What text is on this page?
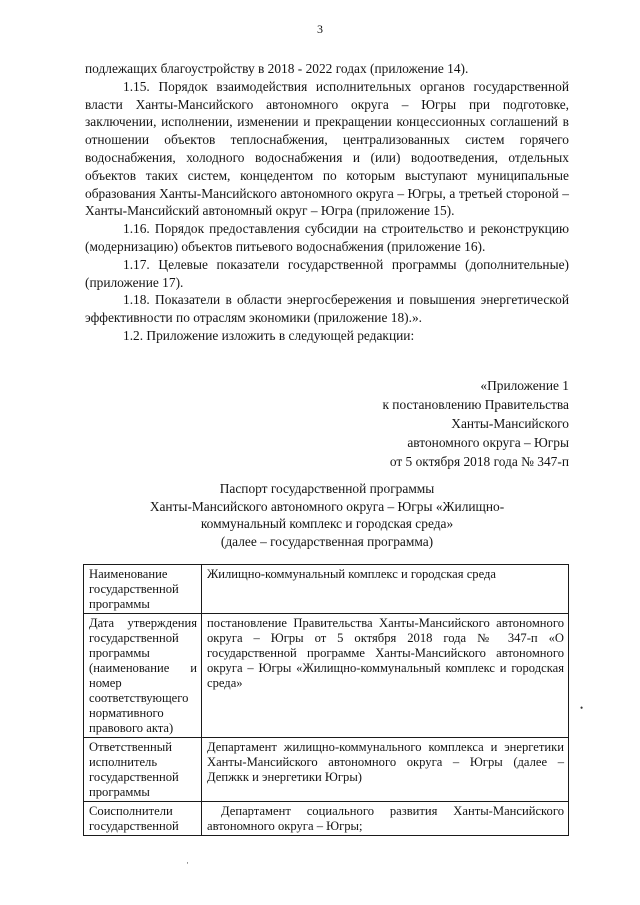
3

подлежащих благоустройству в 2018 - 2022 годах (приложение 14).

1.15. Порядок взаимодействия исполнительных органов государственной власти Ханты-Мансийского автономного округа – Югры при подготовке, заключении, исполнении, изменении и прекращении концессионных соглашений в отношении объектов теплоснабжения, централизованных систем горячего водоснабжения, холодного водоснабжения и (или) водоотведения, отдельных объектов таких систем, концедентом по которым выступают муниципальные образования Ханты-Мансийского автономного округа – Югры, а третьей стороной – Ханты-Мансийский автономный округ – Югра (приложение 15).

1.16. Порядок предоставления субсидии на строительство и реконструкцию (модернизацию) объектов питьевого водоснабжения (приложение 16).

1.17. Целевые показатели государственной программы (дополнительные) (приложение 17).

1.18. Показатели в области энергосбережения и повышения энергетической эффективности по отраслям экономики (приложение 18).».

1.2. Приложение изложить в следующей редакции:

«Приложение 1
к постановлению Правительства
Ханты-Мансийского
автономного округа – Югры
от 5 октября 2018 года № 347-п
Паспорт государственной программы
Ханты-Мансийского автономного округа – Югры «Жилищно-
коммунальный комплекс и городская среда»
(далее – государственная программа)
Наименование государственной программы	Жилищно-коммунальный комплекс и городская среда
Дата утверждения государственной программы (наименование и номер соответствующего нормативного правового акта)	постановление Правительства Ханты-Мансийского автономного округа – Югры от 5 октября 2018 года № 347-п «О государственной программе Ханты-Мансийского автономного округа – Югры «Жилищно-коммунальный комплекс и городская среда»
Ответственный исполнитель государственной программы	Департамент жилищно-коммунального комплекса и энергетики Ханты-Мансийского автономного округа – Югры (далее – Депжкк и энергетики Югры)
Соисполнители государственной	Департамент социального развития Ханты-Мансийского автономного округа – Югры;
•
·
